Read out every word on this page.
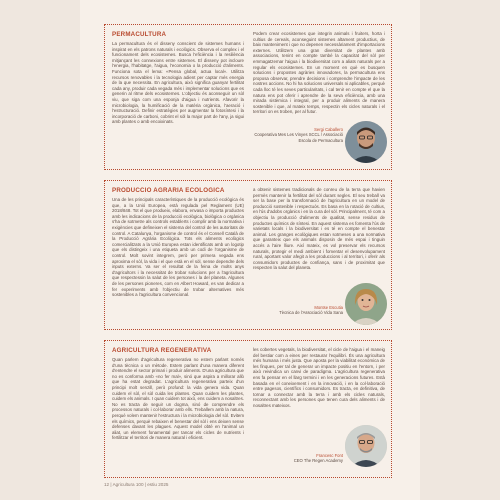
PERMACULTURA

La permacultura és el disseny conscient de sistemes humans i inspirat en els patrons naturals i ecològics. Observa el complex i el funcionament dels ecosistemes. Busca l'eficiència i la resiliència mitjançant les connexions entre sistemes. El disseny pot incloure l'energia, l'habitatge, l'aigua, l'economia o la producció d'aliments. Funciona sota el lema: «Pensa global, actua local». Utilitza recursos renovables i la tecnologia adient per captar més energia de la que necessita. En agricultura, això significa guanyar fertilitat cada any, produir cada vegada més i implementar solucions que es generin al ritme dels ecosistemes. L'objectiu és aconseguir un sòl viu, que siga com una esponja d'aigua i nutrients. Afavorir la microbiologia, la humificació de la matèria orgànica, l'aeració i l'estructuració. Definir estratègies per augmentar la fotosíntesi i la incorporació de carboni, cobrint el sòl la major part de l'any, ja sigui amb plantes o amb encoixinats.

Podem crear ecosistemes que integrin animals i fruiters, horta i cultius de cereals, aconseguint sistemes altament productius, de baix manteniment i que no depenen necessàriament d'importacions externes. Utilitzem una gran diversitat de plantes amb associacions, tenint en compte també la capacitat del sòl per emmagatzemar l'aigua i la biodiversitat com a aliats naturals per a regular els ecosistemes. En un moment en què es busquen solucions i propostes agràries innovadores, la permacultura ens proposa observar, prendre decisions i comprendre l'impacte de les nostres accions. No hi ha solucions universals ni aplicables, perquè cada lloc té les seves particularitats, i cal tenir en compte el que la natura ens pot oferir i aprendre de la seva eficiència, amb una mirada sistèmica i integral, per a produir aliments de manera sostenible i que, al mateix temps, respectin els cicles naturals i el territori on es troben, per al futur.

Sergi Caballero
Cooperativa Mes Les Vinyes SCCL / Associació Escola de Permacultura
PRODUCCIÓ AGRÀRIA ECOLÒGICA

Una de les principals característiques de la producció ecològica és que, a la Unió Europea, està regulada pel Reglament (UE) 2018/848. Tot el que produeix, elabora, envasa o importa productes amb les indicacions de la producció ecològica, biològica o orgànica s'ha de sotmetre als controls establerts i complir amb la normativa i exigències que defineixen el sistema del control de les autoritats de control. A Catalunya, l'organisme de control és el Consell Català de la Producció Agrària Ecològica. Tots els aliments ecològics comercialitzats a la Unió Europea estan identificats amb un logotip que els distingeix i una etiqueta amb un codi de l'organisme de control. Molt sovint integrem, però per primera vegada ens aproxima el sòl, la vida i el que està en el sòl, sense dependre dels inputs externs. Va ser el resultat de la feina de molts anys d'agricultors i la necessitat de trobar solucions per a l'agricultura que respectessin la salut de les persones i la del planeta. Algunes de les persones pioneres, com en Albert Howard, es van dedicar a fer experiments amb l'objectiu de trobar alternatives més sostenibles a l'agricultura convencional.

a obtenir sistemes tradicionals de conreu de la terra que havien permès mantenir la fertilitat del sòl durant segles. El seu treball va ser la base per la transformació de l'agricultura en un model de producció sostenible i respectuós. Es basa en la rotació de cultius, en l'ús d'adobs orgànics i en la cura del sòl. Principalment, té com a objectiu la producció d'aliments de qualitat, sense residus de productes químics de síntesi. En aquest sistema es fomenta l'ús de varietats locals i la biodiversitat i es té en compte el benestar animal. Les granges ecològiques estan sotmeses a una normativa que garanteix que els animals disposin de més espai i tinguin accés a l'aire lliure. Així mateix, es vol preservar els recursos naturals, protegir el medi ambient i fomentar el desenvolupament rural, aportant valor afegit a les produccions i al territori, i oferir als consumidors productes de confiança, sans i de proximitat que respecten la salut del planeta.

Montse Escutia
Tècnica de l'Associació Vida Sana
AGRICULTURA REGENERATIVA

Quan parlem d'agricultura regenerativa no estem parlant només d'una tècnica o un mètode. Estem parlant d'una manera diferent d'entendre el sector primari i produir aliments. D'una agricultura que no es conforma amb «no fer mal», sinó que aspira a millorar allò que ha estat degradat. L'agricultura regenerativa parteix d'un principi molt senzill, però profund: la vida genera vida. Quan cuidem el sòl, el sòl cuida les plantes. Quan cuidem les plantes, cuidem els animals. I quan cuidem tot això, ens cuidem a nosaltres. No es tracta de seguir un dogma, sinó de comprendre els processos naturals i col·laborar amb ells. Treballem amb la natura, perquè volem mantenir l'estructura i la microbiologia del sòl. Evitem els químics, perquè rebaixen el benestar del sòl i ens deixen sense defenses davant les plagues. Aquest model obté en l'animal un aliat, un element fonamental per tancar els cicles de nutrients i fertilitzar el territori de manera natural i eficient.

les cobertes vegetals, la biodiversitat, el cicle de l'aigua i el maneig del bestiar com a eines per restaurar l'equilibri. És una agricultura més humana i més justa. Que aposta per la viabilitat econòmica de les finques, per tal de generar un impacte positiu en l'entorn, i per això reivindica un canvi de paradigma. L'agricultura regenerativa ens fa pensar en el llarg termini i en les generacions futures. Està basada en el coneixement i en la innovació, i en la col·laboració entre pagesos, científics i consumidors. Es tracta, en definitiva, de tornar a connectar amb la terra i amb els cicles naturals, reconnectant amb les persones que tenen cura dels aliments i de nosaltres mateixos.

Francesc Font
CEO The Regen Academy
12 | Agricultura 100 | estiu 2025
